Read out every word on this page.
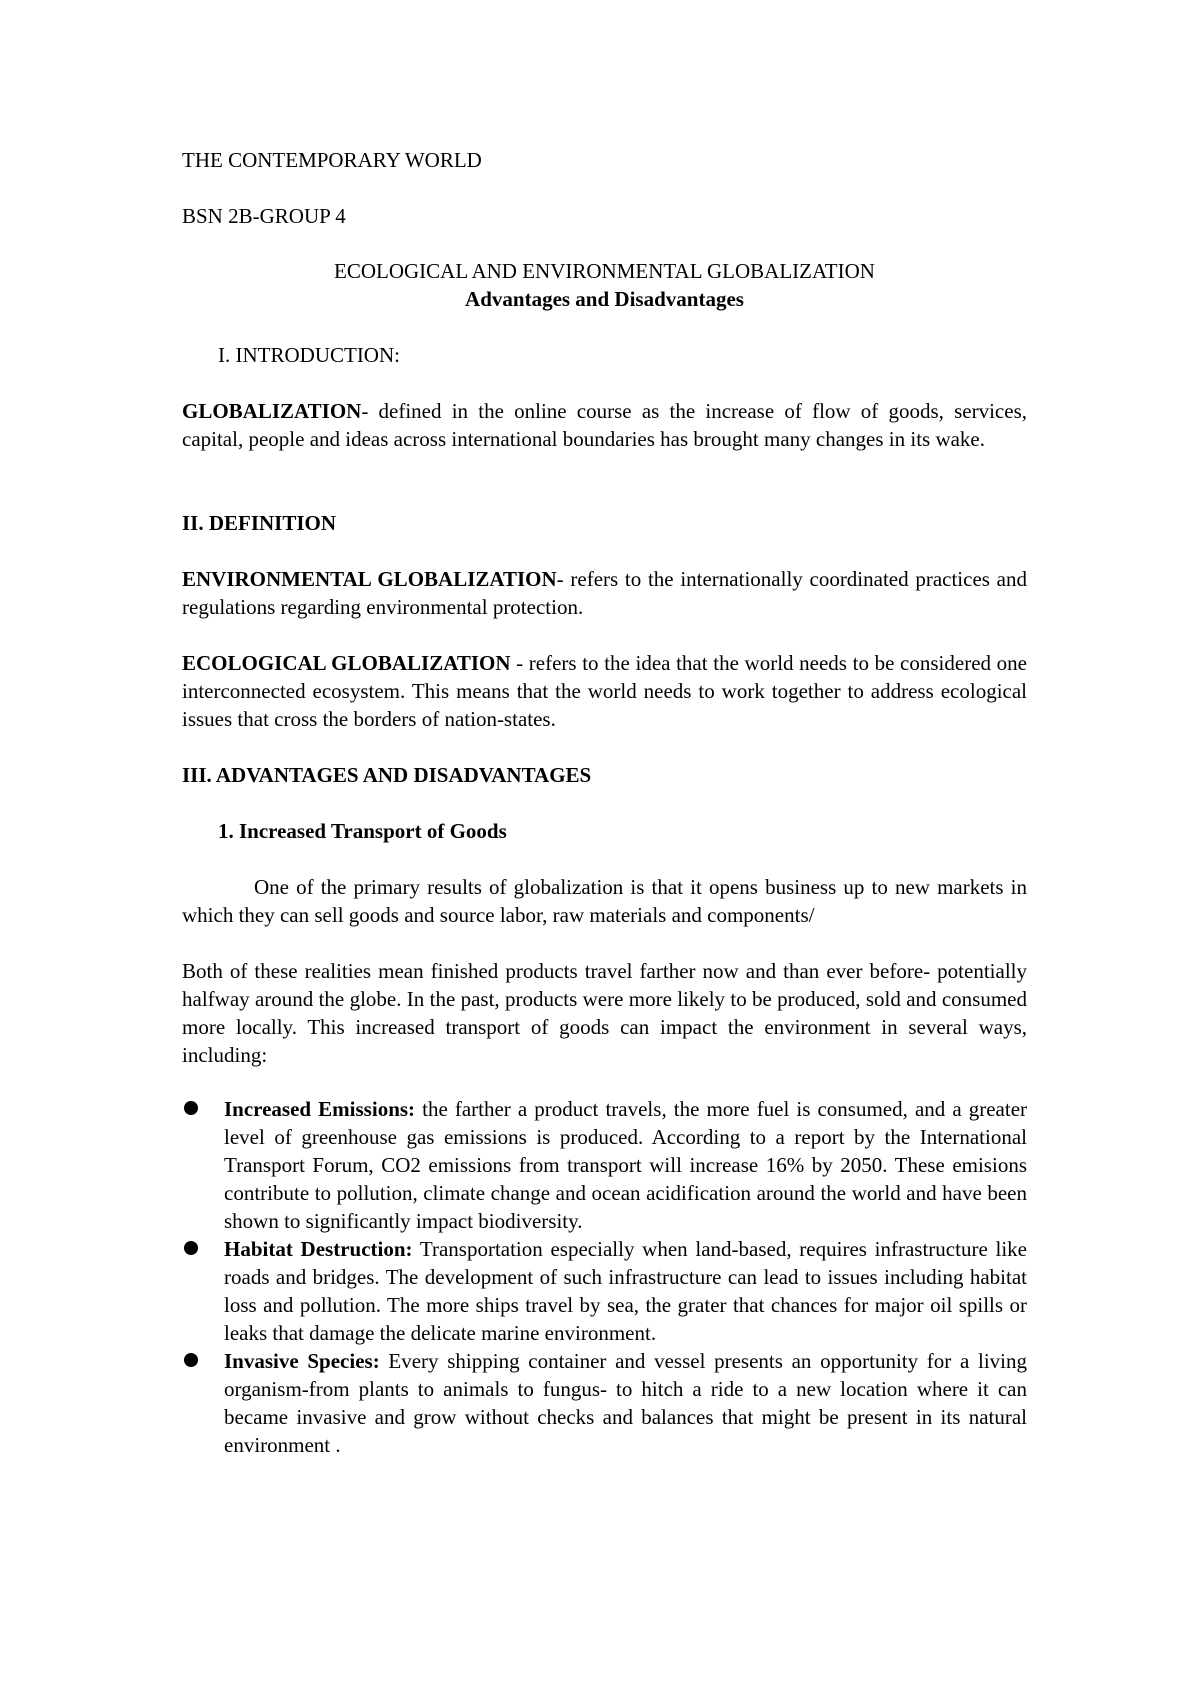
THE CONTEMPORARY WORLD

BSN 2B-GROUP 4

ECOLOGICAL AND ENVIRONMENTAL GLOBALIZATION

Advantages and Disadvantages

I. INTRODUCTION:

GLOBALIZATION- defined in the online course as the increase of flow of goods, services, capital, people and ideas across international boundaries has brought many changes in its wake.

II. DEFINITION

ENVIRONMENTAL GLOBALIZATION- refers to the internationally coordinated practices and regulations regarding environmental protection.

ECOLOGICAL GLOBALIZATION - refers to the idea that the world needs to be considered one interconnected ecosystem. This means that the world needs to work together to address ecological issues that cross the borders of nation-states.

III. ADVANTAGES AND DISADVANTAGES

1. Increased Transport of Goods

One of the primary results of globalization is that it opens business up to new markets in which they can sell goods and source labor, raw materials and components/

Both of these realities mean finished products travel farther now and than ever before- potentially halfway around the globe. In the past, products were more likely to be produced, sold and consumed more locally. This increased transport of goods can impact the environment in several ways, including:

Increased Emissions: the farther a product travels, the more fuel is consumed, and a greater level of greenhouse gas emissions is produced. According to a report by the International Transport Forum, CO2 emissions from transport will increase 16% by 2050. These emisions contribute to pollution, climate change and ocean acidification around the world and have been shown to significantly impact biodiversity.
Habitat Destruction: Transportation especially when land-based, requires infrastructure like roads and bridges. The development of such infrastructure can lead to issues including habitat loss and pollution. The more ships travel by sea, the grater that chances for major oil spills or leaks that damage the delicate marine environment.
Invasive Species: Every shipping container and vessel presents an opportunity for a living organism-from plants to animals to fungus- to hitch a ride to a new location where it can became invasive and grow without checks and balances that might be present in its natural environment .
